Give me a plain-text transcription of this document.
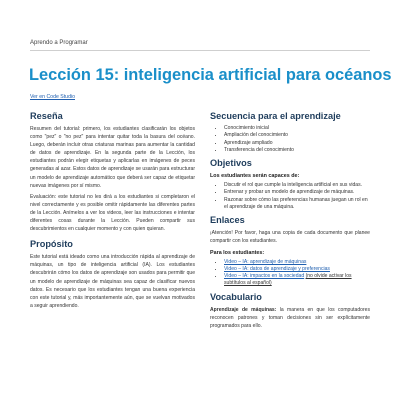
Aprendo a Programar
Lección 15: inteligencia artificial para océanos
Ver en Code Studio
Reseña

Resumen del tutorial: primero, los estudiantes clasificarán los objetos como "pez" o "no pez" para intentar quitar toda la basura del océano. Luego, deberán incluir otras criaturas marinas para aumentar la cantidad de datos de aprendizaje. En la segunda parte de la Lección, los estudiantes podrán elegir etiquetas y aplicarlas en imágenes de peces generadas al azar. Estos datos de aprendizaje se usarán para estructurar un modelo de aprendizaje automático que deberá ser capaz de etiquetar nuevas imágenes por sí mismo.

Evaluación: este tutorial no les dirá a los estudiantes si completaron el nivel correctamente y es posible omitir rápidamente las diferentes partes de la Lección. Anímelos a ver los videos, leer las instrucciones e intentar diferentes cosas durante la Lección. Pueden compartir sus descubrimientos en cualquier momento y con quien quieran.

Propósito

Este tutorial está ideado como una introducción rápida al aprendizaje de máquinas, un tipo de inteligencia artificial (IA). Los estudiantes descubrirán cómo los datos de aprendizaje son usados para permitir que un modelo de aprendizaje de máquinas sea capaz de clasificar nuevos datos. Es necesario que los estudiantes tengan una buena experiencia con este tutorial y, más importantemente aún, que se vuelvan motivados a seguir aprendiendo.

Secuencia para el aprendizaje
• Conocimiento inicial
• Ampliación del conocimiento
• Aprendizaje ampliado
• Transferencia del conocimiento
Objetivos
Los estudiantes serán capaces de:
• Discutir el rol que cumple la inteligencia artificial en sus vidas.
• Entrenar y probar un modelo de aprendizaje de máquinas.
• Razonar sobre cómo las preferencias humanas juegan un rol en el aprendizaje de una máquina.
Enlaces

¡Atención! Por favor, haga una copia de cada documento que planee compartir con los estudiantes.

Para los estudiantes:
• Video – IA: aprendizaje de máquinas
• Video – IA: datos de aprendizaje y preferencias
• Video – IA: impactos en la sociedad (no olvide activar los subtítulos al español)
Vocabulario

Aprendizaje de máquinas: la manera en que los computadores reconocen patrones y toman decisiones sin ser explícitamente programados para ello.
